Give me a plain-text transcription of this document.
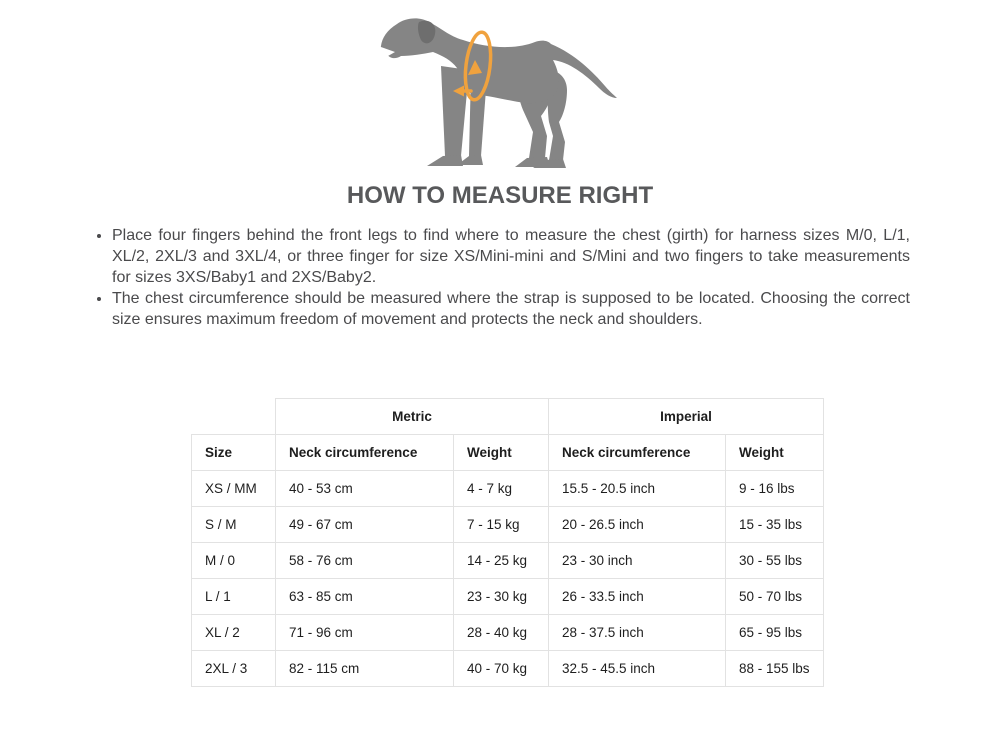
HOW TO MEASURE RIGHT
• Place four fingers behind the front legs to find where to measure the chest (girth) for harness sizes M/0, L/1, XL/2, 2XL/3 and 3XL/4, or three finger for size XS/Mini-mini and S/Mini and two fingers to take measurements for sizes 3XS/Baby1 and 2XS/Baby2.
• The chest circumference should be measured where the strap is supposed to be located. Choosing the correct size ensures maximum freedom of movement and protects the neck and shoulders.
	Metric		Imperial	
Size	Neck circumference	Weight	Neck circumference	Weight
XS / MM	40 - 53 cm	4 - 7 kg	15.5 - 20.5 inch	9 - 16 lbs
S / M	49 - 67 cm	7 - 15 kg	20 - 26.5 inch	15 - 35 lbs
M / 0	58 - 76 cm	14 - 25 kg	23 - 30 inch	30 - 55 lbs
L / 1	63 - 85 cm	23 - 30 kg	26 - 33.5 inch	50 - 70 lbs
XL / 2	71 - 96 cm	28 - 40 kg	28 - 37.5 inch	65 - 95 lbs
2XL / 3	82 - 115 cm	40 - 70 kg	32.5 - 45.5 inch	88 - 155 lbs
